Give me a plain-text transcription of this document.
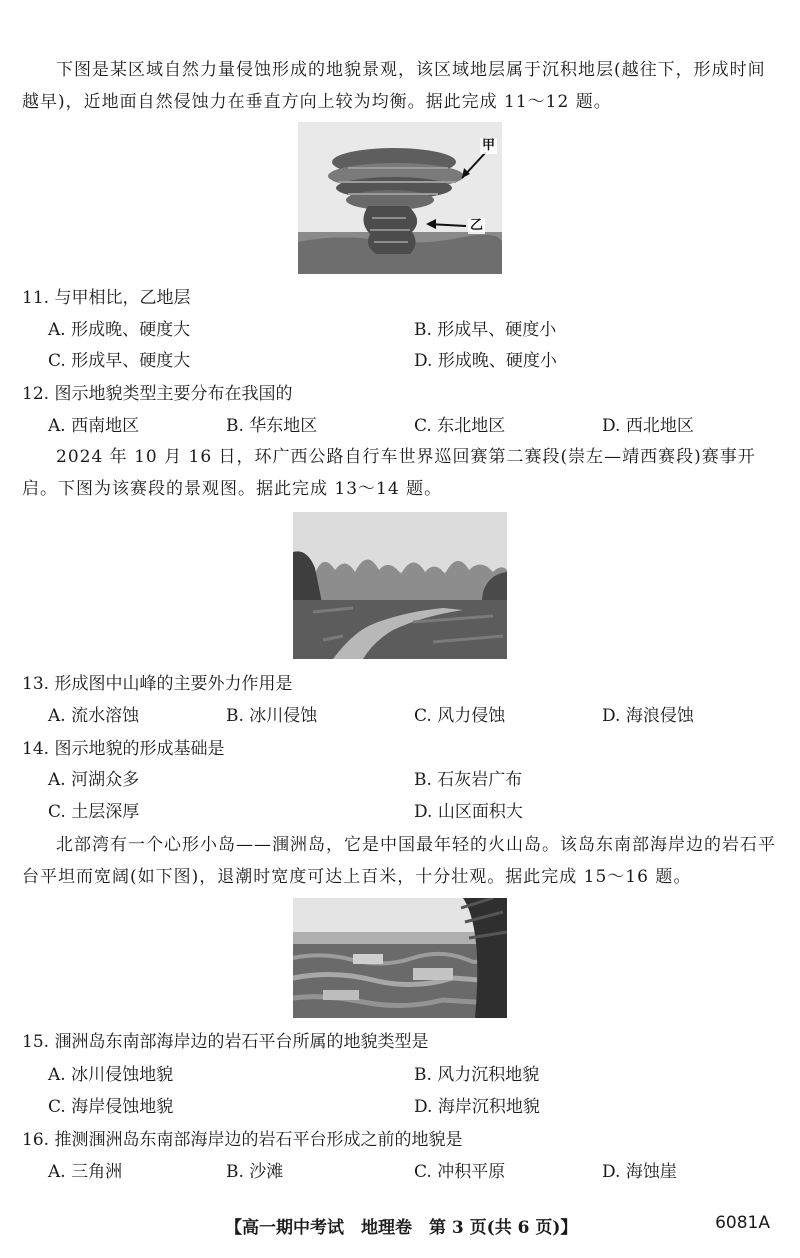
下图是某区域自然力量侵蚀形成的地貌景观，该区域地层属于沉积地层(越往下，形成时间越早)，近地面自然侵蚀力在垂直方向上较为均衡。据此完成 11～12 题。

甲
乙

11. 与甲相比，乙地层

A. 形成晚、硬度大	B. 形成早、硬度小
C. 形成早、硬度大	D. 形成晚、硬度小

12. 图示地貌类型主要分布在我国的

A. 西南地区	B. 华东地区	C. 东北地区	D. 西北地区

2024 年 10 月 16 日，环广西公路自行车世界巡回赛第二赛段(崇左—靖西赛段)赛事开启。下图为该赛段的景观图。据此完成 13～14 题。

13. 形成图中山峰的主要外力作用是

A. 流水溶蚀	B. 冰川侵蚀	C. 风力侵蚀	D. 海浪侵蚀

14. 图示地貌的形成基础是

A. 河湖众多	B. 石灰岩广布
C. 土层深厚	D. 山区面积大

北部湾有一个心形小岛——涠洲岛，它是中国最年轻的火山岛。该岛东南部海岸边的岩石平台平坦而宽阔(如下图)，退潮时宽度可达上百米，十分壮观。据此完成 15～16 题。

15. 涠洲岛东南部海岸边的岩石平台所属的地貌类型是

A. 冰川侵蚀地貌	B. 风力沉积地貌
C. 海岸侵蚀地貌	D. 海岸沉积地貌

16. 推测涠洲岛东南部海岸边的岩石平台形成之前的地貌是

A. 三角洲	B. 沙滩	C. 冲积平原	D. 海蚀崖
【高一期中考试　地理卷　第 3 页(共 6 页)】	6081A
